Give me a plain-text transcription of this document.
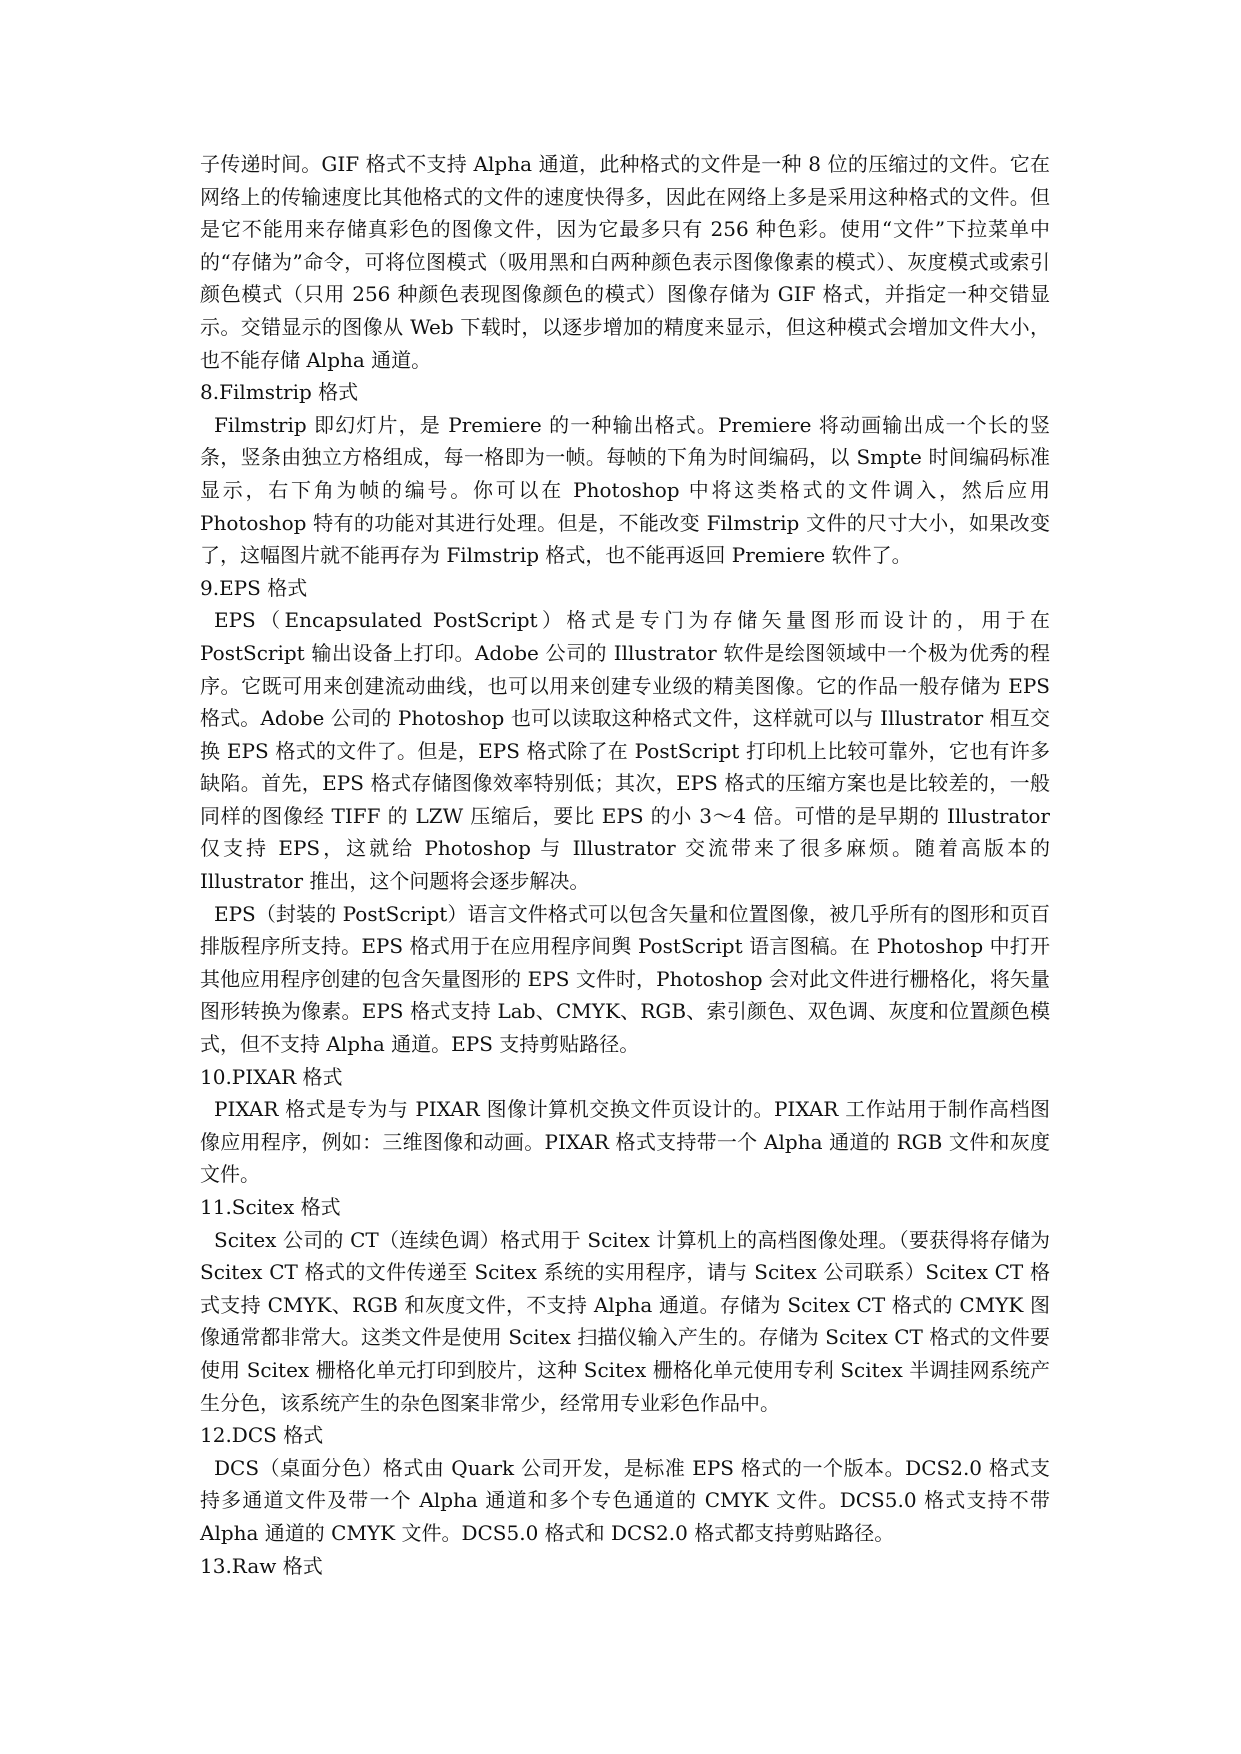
子传递时间。GIF 格式不支持 Alpha 通道，此种格式的文件是一种 8 位的压缩过的文件。它在网络上的传输速度比其他格式的文件的速度快得多，因此在网络上多是采用这种格式的文件。但是它不能用来存储真彩色的图像文件，因为它最多只有 256 种色彩。使用“文件”下拉菜单中的“存储为”命令，可将位图模式（吸用黑和白两种颜色表示图像像素的模式）、灰度模式或索引颜色模式（只用 256 种颜色表现图像颜色的模式）图像存储为 GIF 格式，并指定一种交错显示。交错显示的图像从 Web 下载时，以逐步增加的精度来显示，但这种模式会增加文件大小，也不能存储 Alpha 通道。

8.Filmstrip 格式

Filmstrip 即幻灯片，是 Premiere 的一种输出格式。Premiere 将动画输出成一个长的竖条，竖条由独立方格组成，每一格即为一帧。每帧的下角为时间编码，以 Smpte 时间编码标准显示，右下角为帧的编号。你可以在 Photoshop 中将这类格式的文件调入，然后应用 Photoshop 特有的功能对其进行处理。但是，不能改变 Filmstrip 文件的尺寸大小，如果改变了，这幅图片就不能再存为 Filmstrip 格式，也不能再返回 Premiere 软件了。

9.EPS 格式

EPS（Encapsulated PostScript）格式是专门为存储矢量图形而设计的，用于在 PostScript 输出设备上打印。Adobe 公司的 Illustrator 软件是绘图领域中一个极为优秀的程序。它既可用来创建流动曲线，也可以用来创建专业级的精美图像。它的作品一般存储为 EPS 格式。Adobe 公司的 Photoshop 也可以读取这种格式文件，这样就可以与 Illustrator 相互交换 EPS 格式的文件了。但是，EPS 格式除了在 PostScript 打印机上比较可靠外，它也有许多缺陷。首先，EPS 格式存储图像效率特别低；其次，EPS 格式的压缩方案也是比较差的，一般同样的图像经 TIFF 的 LZW 压缩后，要比 EPS 的小 3～4 倍。可惜的是早期的 Illustrator 仅支持 EPS，这就给 Photoshop 与 Illustrator 交流带来了很多麻烦。随着高版本的 Illustrator 推出，这个问题将会逐步解决。

EPS（封装的 PostScript）语言文件格式可以包含矢量和位置图像，被几乎所有的图形和页百排版程序所支持。EPS 格式用于在应用程序间舆 PostScript 语言图稿。在 Photoshop 中打开其他应用程序创建的包含矢量图形的 EPS 文件时，Photoshop 会对此文件进行栅格化，将矢量图形转换为像素。EPS 格式支持 Lab、CMYK、RGB、索引颜色、双色调、灰度和位置颜色模式，但不支持 Alpha 通道。EPS 支持剪贴路径。

10.PIXAR 格式

PIXAR 格式是专为与 PIXAR 图像计算机交换文件页设计的。PIXAR 工作站用于制作高档图像应用程序，例如：三维图像和动画。PIXAR 格式支持带一个 Alpha 通道的 RGB 文件和灰度文件。

11.Scitex 格式

Scitex 公司的 CT（连续色调）格式用于 Scitex 计算机上的高档图像处理。（要获得将存储为 Scitex CT 格式的文件传递至 Scitex 系统的实用程序，请与 Scitex 公司联系）Scitex CT 格式支持 CMYK、RGB 和灰度文件，不支持 Alpha 通道。存储为 Scitex CT 格式的 CMYK 图像通常都非常大。这类文件是使用 Scitex 扫描仪输入产生的。存储为 Scitex CT 格式的文件要使用 Scitex 栅格化单元打印到胶片，这种 Scitex 栅格化单元使用专利 Scitex 半调挂网系统产生分色，该系统产生的杂色图案非常少，经常用专业彩色作品中。

12.DCS 格式

DCS（桌面分色）格式由 Quark 公司开发，是标准 EPS 格式的一个版本。DCS2.0 格式支持多通道文件及带一个 Alpha 通道和多个专色通道的 CMYK 文件。DCS5.0 格式支持不带 Alpha 通道的 CMYK 文件。DCS5.0 格式和 DCS2.0 格式都支持剪贴路径。

13.Raw 格式
